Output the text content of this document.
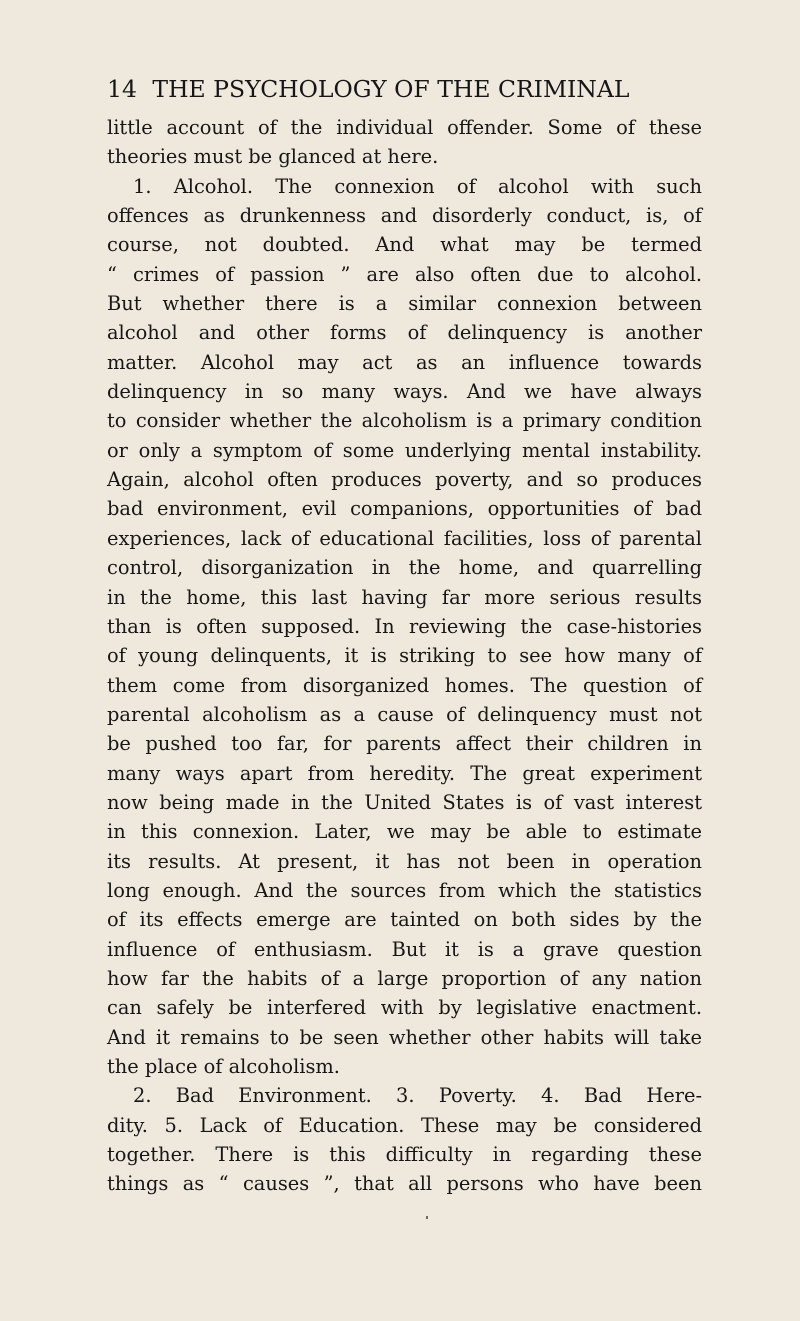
14 THE PSYCHOLOGY OF THE CRIMINAL
little account of the individual offender. Some of these
theories must be glanced at here.
1. Alcohol. The connexion of alcohol with such
offences as drunkenness and disorderly conduct, is, of
course, not doubted. And what may be termed
“ crimes of passion ” are also often due to alcohol.
But whether there is a similar connexion between
alcohol and other forms of delinquency is another
matter. Alcohol may act as an influence towards
delinquency in so many ways. And we have always
to consider whether the alcoholism is a primary condition
or only a symptom of some underlying mental instability.
Again, alcohol often produces poverty, and so produces
bad environment, evil companions, opportunities of bad
experiences, lack of educational facilities, loss of parental
control, disorganization in the home, and quarrelling
in the home, this last having far more serious results
than is often supposed. In reviewing the case-histories
of young delinquents, it is striking to see how many of
them come from disorganized homes. The question of
parental alcoholism as a cause of delinquency must not
be pushed too far, for parents affect their children in
many ways apart from heredity. The great experiment
now being made in the United States is of vast interest
in this connexion. Later, we may be able to estimate
its results. At present, it has not been in operation
long enough. And the sources from which the statistics
of its effects emerge are tainted on both sides by the
influence of enthusiasm. But it is a grave question
how far the habits of a large proportion of any nation
can safely be interfered with by legislative enactment.
And it remains to be seen whether other habits will take
the place of alcoholism.
2. Bad Environment. 3. Poverty. 4. Bad Here-
dity. 5. Lack of Education. These may be considered
together. There is this difficulty in regarding these
things as “ causes ”, that all persons who have been
